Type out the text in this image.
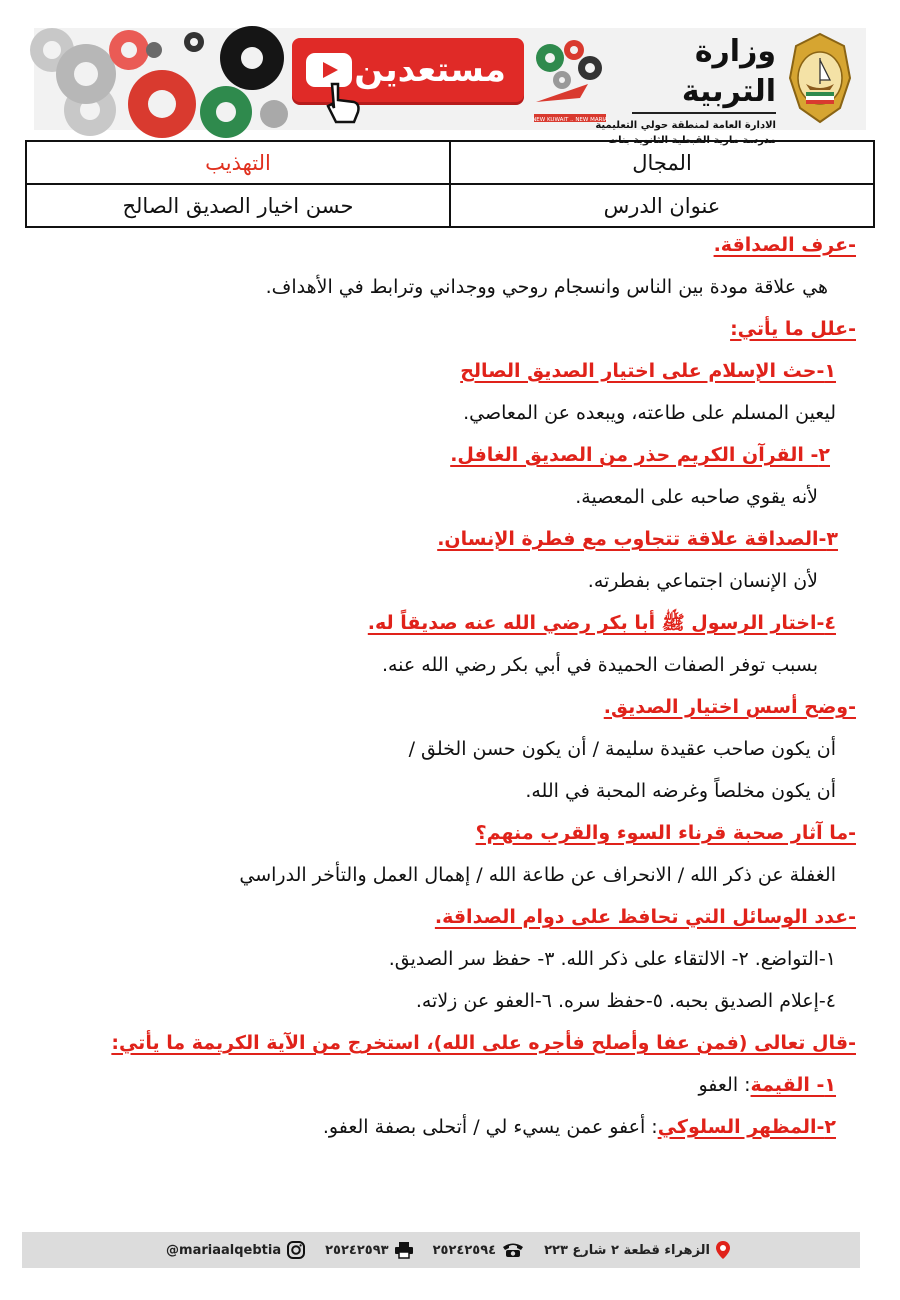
مستعدين
NEW KUWAIT .. NEW MARIA
وزارة التربية
الادارة العامة لمنطقة حولي التعليمية
مدرسة مارية القبطية الثانوية بنات
المجال	التهذيب
عنوان الدرس	حسن اخيار الصديق الصالح
-عرف الصداقة.
هي علاقة مودة بين الناس وانسجام روحي ووجداني وترابط في الأهداف.
-علل ما يأتي:
١-حث الإسلام على اختيار الصديق الصالح
ليعين المسلم على طاعته، ويبعده عن المعاصي.
٢- القرآن الكريم حذر من الصديق الغافل.
لأنه يقوي صاحبه على المعصية.
٣-الصداقة علاقة تتجاوب مع فطرة الإنسان.
لأن الإنسان اجتماعي بفطرته.
٤-اختار الرسول ﷺ أبا بكر رضي الله عنه صديقاً له.
بسبب توفر الصفات الحميدة في أبي بكر رضي الله عنه.
-وضح أسس اختيار الصديق.
أن يكون صاحب عقيدة سليمة / أن يكون حسن الخلق /
أن يكون مخلصاً وغرضه المحبة في الله.
-ما آثار صحبة قرناء السوء والقرب منهم؟
الغفلة عن ذكر الله / الانحراف عن طاعة الله / إهمال العمل والتأخر الدراسي
-عدد الوسائل التي تحافظ على دوام الصداقة.
١-التواضع. ٢- الالتقاء على ذكر الله. ٣- حفظ سر الصديق.
٤-إعلام الصديق بحبه. ٥-حفظ سره. ٦-العفو عن زلاته.
-قال تعالى (فمن عفا وأصلح فأجره على الله)، استخرج من الآية الكريمة ما يأتي:
١- القيمة: العفو
٢-المظهر السلوكي: أعفو عمن يسيء لي / أتحلى بصفة العفو.
الزهراء قطعة ٢ شارع ٢٢٣
٢٥٢٤٢٥٩٤
٢٥٢٤٢٥٩٣
@mariaalqebtia
